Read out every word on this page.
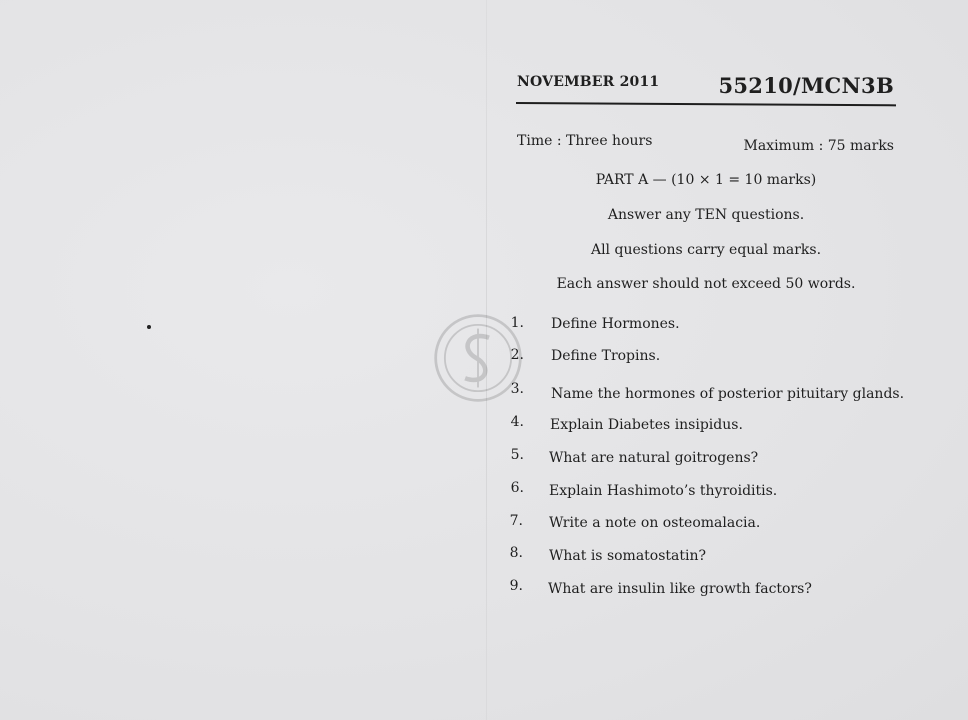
NOVEMBER 2011	55210/MCN3B
Time : Three hours	Maximum : 75 marks
PART A — (10 × 1 = 10 marks)
Answer any TEN questions.
All questions carry equal marks.
Each answer should not exceed 50 words.
1. Define Hormones.
2. Define Tropins.
3. Name the hormones of posterior pituitary glands.
4. Explain Diabetes insipidus.
5. What are natural goitrogens?
6. Explain Hashimoto’s thyroiditis.
7. Write a note on osteomalacia.
8. What is somatostatin?
9. What are insulin like growth factors?
